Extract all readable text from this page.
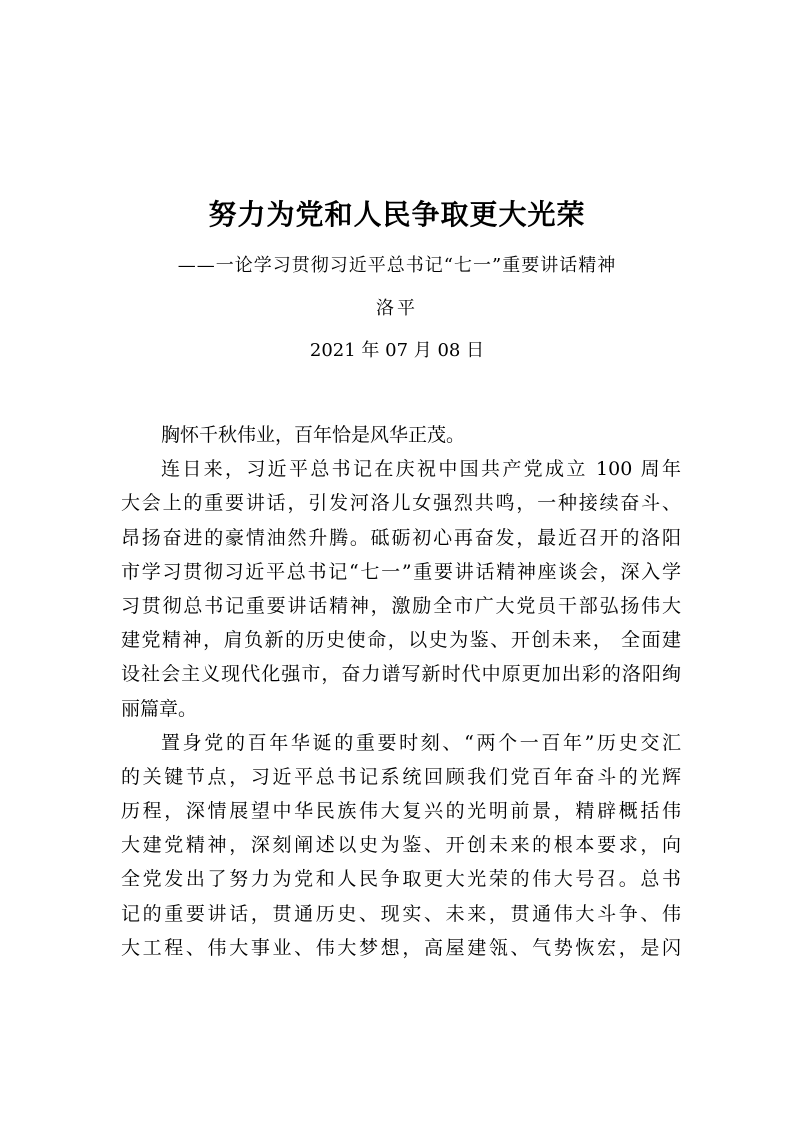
努力为党和人民争取更大光荣
——一论学习贯彻习近平总书记“七一”重要讲话精神
洛平
2021 年 07 月 08 日
胸怀千秋伟业，百年恰是风华正茂。
连日来，习近平总书记在庆祝中国共产党成立 100 周年
大会上的重要讲话，引发河洛儿女强烈共鸣，一种接续奋斗、
昂扬奋进的豪情油然升腾。砥砺初心再奋发，最近召开的洛阳
市学习贯彻习近平总书记“七一”重要讲话精神座谈会，深入学
习贯彻总书记重要讲话精神，激励全市广大党员干部弘扬伟大
建党精神，肩负新的历史使命，以史为鉴、开创未来， 全面建
设社会主义现代化强市，奋力谱写新时代中原更加出彩的洛阳绚
丽篇章。
置身党的百年华诞的重要时刻、“两个一百年”历史交汇
的关键节点，习近平总书记系统回顾我们党百年奋斗的光辉
历程，深情展望中华民族伟大复兴的光明前景，精辟概括伟
大建党精神，深刻阐述以史为鉴、开创未来的根本要求，向
全党发出了努力为党和人民争取更大光荣的伟大号召。总书
记的重要讲话，贯通历史、现实、未来，贯通伟大斗争、伟
大工程、伟大事业、伟大梦想，高屋建瓴、气势恢宏，是闪
